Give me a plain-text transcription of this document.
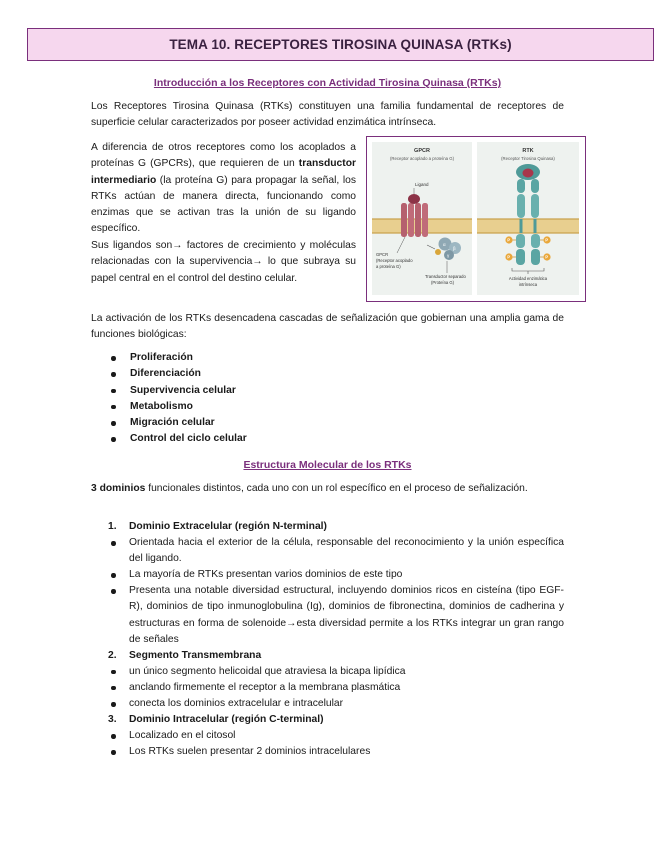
TEMA 10. RECEPTORES TIROSINA QUINASA (RTKs)
Introducción a los Receptores con Actividad Tirosina Quinasa (RTKs)

Los Receptores Tirosina Quinasa (RTKs) constituyen una familia fundamental de receptores de superficie celular caracterizados por poseer actividad enzimática intrínseca.

A diferencia de otros receptores como los acoplados a proteínas G (GPCRs), que requieren de un transductor intermediario (la proteína G) para propagar la señal, los RTKs actúan de manera directa, funcionando como enzimas que se activan tras la unión de su ligando específico.

Sus ligandos son→ factores de crecimiento y moléculas relacionadas con la supervivencia→ lo que subraya su papel central en el control del destino celular.

GPCR
(Receptor acoplado a proteína G)
RTK
(Receptor Tirosina Quinasa)
Ligand
α
β
γ
GPCR
(Receptor acoplado
a proteína G)
Transductor separado
(Proteína G)
P	P
P	P
Actividad enzimática
intrínseca

La activación de los RTKs desencadena cascadas de señalización que gobiernan una amplia gama de funciones biológicas:

Proliferación
Diferenciación
Supervivencia celular
Metabolismo
Migración celular
Control del ciclo celular
Estructura Molecular de los RTKs

3 dominios funcionales distintos, cada uno con un rol específico en el proceso de señalización.

1. Dominio Extracelular (región N-terminal)
Orientada hacia el exterior de la célula, responsable del reconocimiento y la unión específica del ligando.
La mayoría de RTKs presentan varios dominios de este tipo
Presenta una notable diversidad estructural, incluyendo dominios ricos en cisteína (tipo EGF-R), dominios de tipo inmunoglobulina (Ig), dominios de fibronectina, dominios de cadherina y estructuras en forma de solenoide→esta diversidad permite a los RTKs integrar un gran rango de señales
2. Segmento Transmembrana
un único segmento helicoidal que atraviesa la bicapa lipídica
anclando firmemente el receptor a la membrana plasmática
conecta los dominios extracelular e intracelular
3. Dominio Intracelular (región C-terminal)
Localizado en el citosol
Los RTKs suelen presentar 2 dominios intracelulares
